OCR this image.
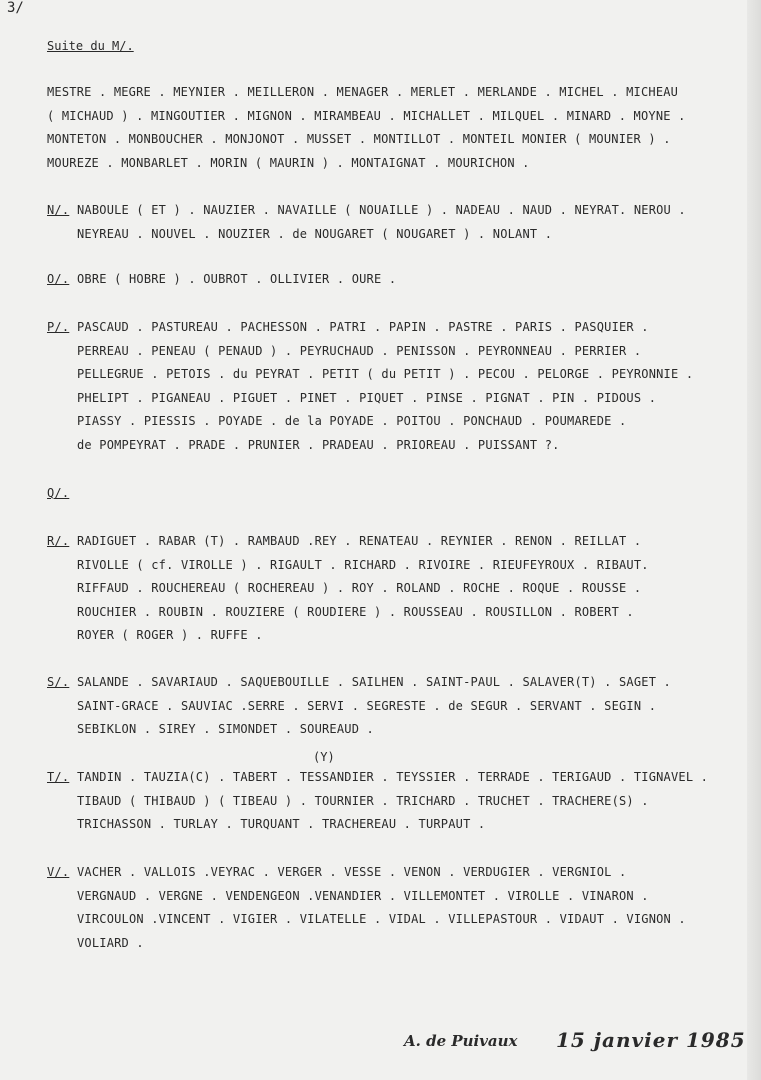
3/
Suite du M/.
MESTRE . MEGRE . MEYNIER . MEILLERON . MENAGER . MERLET . MERLANDE . MICHEL . MICHEAU
( MICHAUD ) . MINGOUTIER . MIGNON . MIRAMBEAU . MICHALLET . MILQUEL . MINARD . MOYNE .
MONTETON . MONBOUCHER . MONJONOT . MUSSET . MONTILLOT . MONTEIL MONIER ( MOUNIER ) .
MOUREZE . MONBARLET . MORIN ( MAURIN ) . MONTAIGNAT . MOURICHON .
N/. NABOULE ( ET ) . NAUZIER . NAVAILLE ( NOUAILLE ) . NADEAU . NAUD . NEYRAT. NEROU .
NEYREAU . NOUVEL . NOUZIER . de NOUGARET ( NOUGARET ) . NOLANT .
O/. OBRE ( HOBRE ) . OUBROT . OLLIVIER . OURE .
P/. PASCAUD . PASTUREAU . PACHESSON . PATRI . PAPIN . PASTRE . PARIS . PASQUIER .
PERREAU . PENEAU ( PENAUD ) . PEYRUCHAUD . PENISSON . PEYRONNEAU . PERRIER .
PELLEGRUE . PETOIS . du PEYRAT . PETIT ( du PETIT ) . PECOU . PELORGE . PEYRONNIE .
PHELIPT . PIGANEAU . PIGUET . PINET . PIQUET . PINSE . PIGNAT . PIN . PIDOUS .
PIASSY . PIESSIS . POYADE . de la POYADE . POITOU . PONCHAUD . POUMAREDE .
de POMPEYRAT . PRADE . PRUNIER . PRADEAU . PRIOREAU . PUISSANT ?.
Q/.
R/. RADIGUET . RABAR (T) . RAMBAUD .REY . RENATEAU . REYNIER . RENON . REILLAT .
RIVOLLE ( cf. VIROLLE ) . RIGAULT . RICHARD . RIVOIRE . RIEUFEYROUX . RIBAUT.
RIFFAUD . ROUCHEREAU ( ROCHEREAU ) . ROY . ROLAND . ROCHE . ROQUE . ROUSSE .
ROUCHIER . ROUBIN . ROUZIERE ( ROUDIERE ) . ROUSSEAU . ROUSILLON . ROBERT .
ROYER ( ROGER ) . RUFFE .
S/. SALANDE . SAVARIAUD . SAQUEBOUILLE . SAILHEN . SAINT-PAUL . SALAVER(T) . SAGET .
SAINT-GRACE . SAUVIAC .SERRE . SERVI . SEGRESTE . de SEGUR . SERVANT . SEGIN .
SEBIKLON . SIREY . SIMONDET . SOUREAUD .
(Y)
T/. TANDIN . TAUZIA(C) . TABERT . TESSANDIER . TEYSSIER . TERRADE . TERIGAUD . TIGNAVEL .
TIBAUD ( THIBAUD ) ( TIBEAU ) . TOURNIER . TRICHARD . TRUCHET . TRACHERE(S) .
TRICHASSON . TURLAY . TURQUANT . TRACHEREAU . TURPAUT .
V/. VACHER . VALLOIS .VEYRAC . VERGER . VESSE . VENON . VERDUGIER . VERGNIOL .
VERGNAUD . VERGNE . VENDENGEON .VENANDIER . VILLEMONTET . VIROLLE . VINARON .
VIRCOULON .VINCENT . VIGIER . VILATELLE . VIDAL . VILLEPASTOUR . VIDAUT . VIGNON .
VOLIARD .
A. de Puivaux 15 janvier 1985
